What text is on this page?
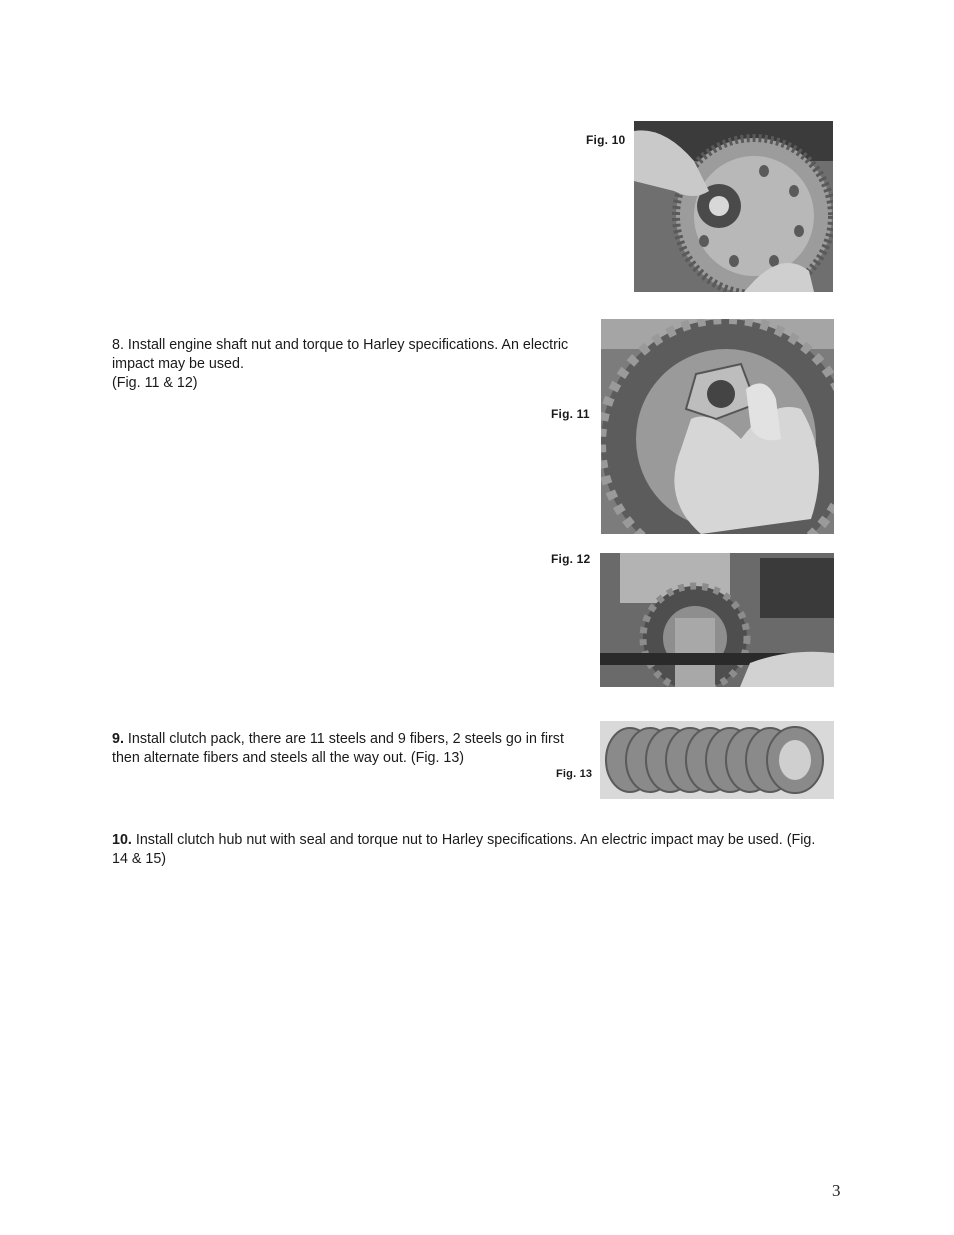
Fig. 10
8. Install engine shaft nut and torque to Harley specifications. An electric
impact may be used.
(Fig. 11 & 12)
Fig. 11
Fig. 12
9. Install clutch pack, there are 11 steels and 9 fibers, 2 steels go in first
then alternate fibers and steels all the way out. (Fig. 13)
Fig. 13
10. Install clutch hub nut with seal and torque nut to Harley specifications. An electric impact may be used. (Fig.
14 & 15)
3
